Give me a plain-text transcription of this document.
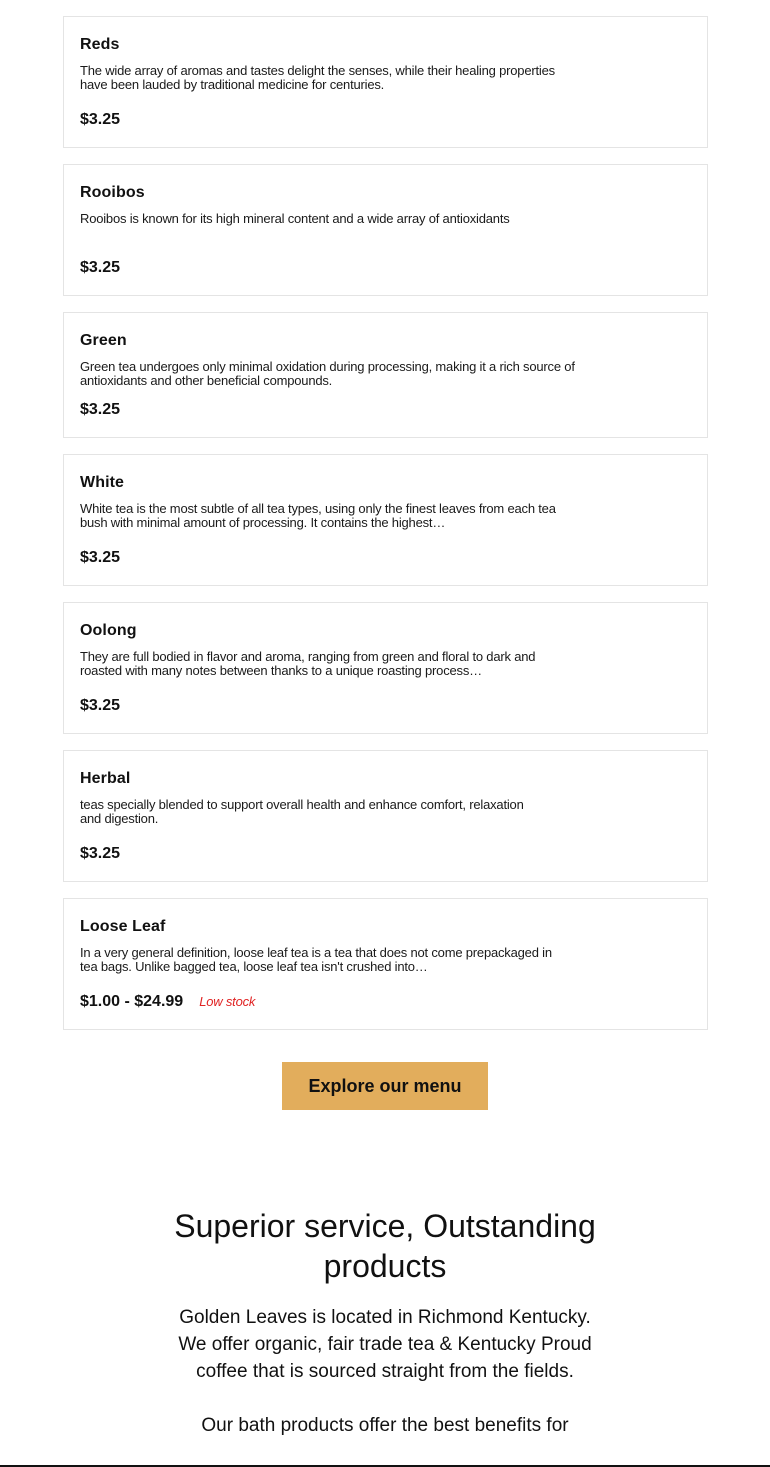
Reds
The wide array of aromas and tastes delight the senses, while their healing properties have been lauded by traditional medicine for centuries.
$3.25
Rooibos
Rooibos is known for its high mineral content and a wide array of antioxidants
$3.25
Green
Green tea undergoes only minimal oxidation during processing, making it a rich source of antioxidants and other beneficial compounds.
$3.25
White
White tea is the most subtle of all tea types, using only the finest leaves from each tea bush with minimal amount of processing. It contains the highest…
$3.25
Oolong
They are full bodied in flavor and aroma, ranging from green and floral to dark and roasted with many notes between thanks to a unique roasting process…
$3.25
Herbal
teas specially blended to support overall health and enhance comfort, relaxation and digestion.
$3.25
Loose Leaf
In a very general definition, loose leaf tea is a tea that does not come prepackaged in tea bags. Unlike bagged tea, loose leaf tea isn't crushed into…
$1.00 - $24.99 Low stock
Explore our menu
Superior service, Outstanding products

Golden Leaves is located in Richmond Kentucky. We offer organic, fair trade tea & Kentucky Proud coffee that is sourced straight from the fields.

Our bath products offer the best benefits for
